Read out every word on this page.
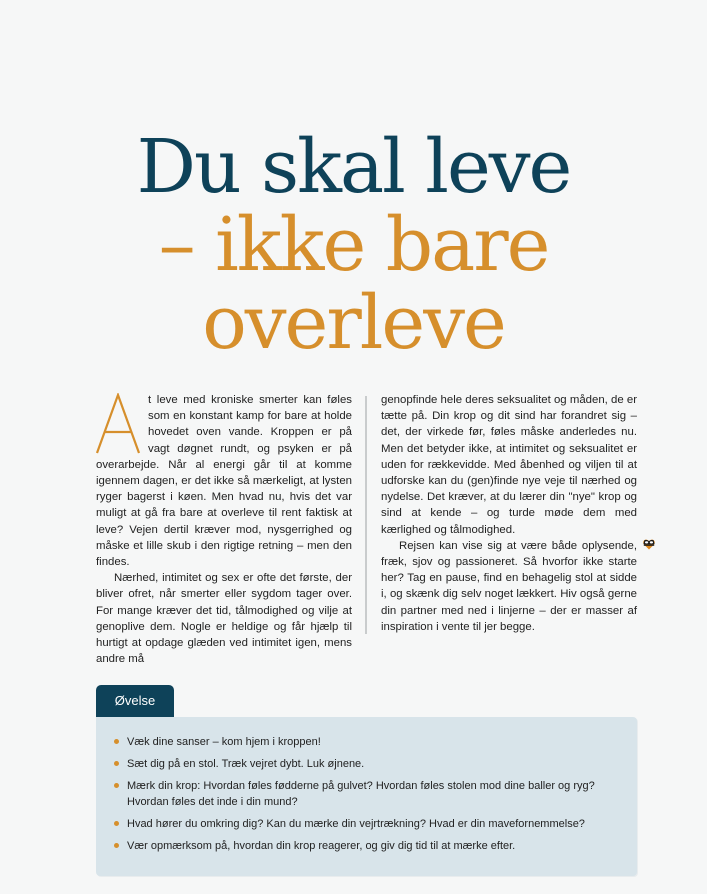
Du skal leve
– ikke bare
overleve

t leve med kroniske smerter kan føles som en konstant kamp for bare at holde hovedet oven vande. Kroppen er på vagt døgnet rundt, og psyken er på overarbejde. Når al energi går til at komme igennem dagen, er det ikke så mærkeligt, at lysten ryger bagerst i køen. Men hvad nu, hvis det var muligt at gå fra bare at overleve til rent faktisk at leve? Vejen dertil kræver mod, nysgerrighed og måske et lille skub i den rigtige retning – men den findes.

Nærhed, intimitet og sex er ofte det første, der bliver ofret, når smerter eller sygdom tager over. For mange kræver det tid, tålmodighed og vilje at genoplive dem. Nogle er heldige og får hjælp til hurtigt at opdage glæden ved intimitet igen, mens andre må

genopfinde hele deres seksualitet og måden, de er tætte på. Din krop og dit sind har forandret sig – det, der virkede før, føles måske anderledes nu. Men det betyder ikke, at intimitet og seksualitet er uden for rækkevidde. Med åbenhed og viljen til at udforske kan du (gen)finde nye veje til nærhed og nydelse. Det kræver, at du lærer din "nye" krop og sind at kende – og turde møde dem med kærlighed og tålmodighed.

Rejsen kan vise sig at være både oplysende, fræk, sjov og passioneret. Så hvorfor ikke starte her? Tag en pause, find en behagelig stol at sidde i, og skænk dig selv noget lækkert. Hiv også gerne din partner med ned i linjerne – der er masser af inspiration i vente til jer begge.

Øvelse
Væk dine sanser – kom hjem i kroppen!
Sæt dig på en stol. Træk vejret dybt. Luk øjnene.
Mærk din krop: Hvordan føles fødderne på gulvet? Hvordan føles stolen mod dine baller og ryg? Hvordan føles det inde i din mund?
Hvad hører du omkring dig? Kan du mærke din vejrtrækning? Hvad er din mavefornemmelse?
Vær opmærksom på, hvordan din krop reagerer, og giv dig tid til at mærke efter.
